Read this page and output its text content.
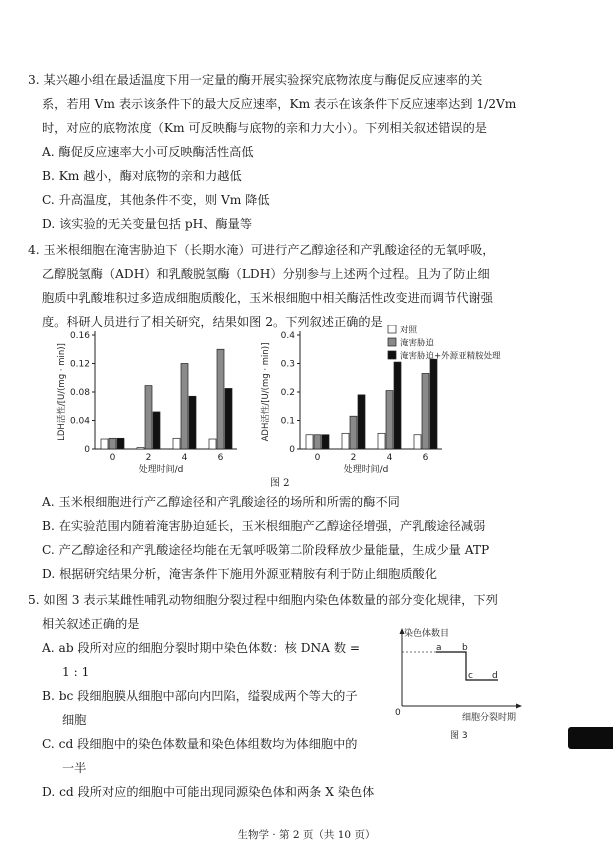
3. 某兴趣小组在最适温度下用一定量的酶开展实验探究底物浓度与酶促反应速率的关
系，若用 Vm 表示该条件下的最大反应速率，Km 表示在该条件下反应速率达到 1/2Vm
时，对应的底物浓度（Km 可反映酶与底物的亲和力大小）。下列相关叙述错误的是
A. 酶促反应速率大小可反映酶活性高低
B. Km 越小，酶对底物的亲和力越低
C. 升高温度，其他条件不变，则 Vm 降低
D. 该实验的无关变量包括 pH、酶量等
4. 玉米根细胞在淹害胁迫下（长期水淹）可进行产乙醇途径和产乳酸途径的无氧呼吸，
乙醇脱氢酶（ADH）和乳酸脱氢酶（LDH）分别参与上述两个过程。且为了防止细
胞质中乳酸堆积过多造成细胞质酸化，玉米根细胞中相关酶活性改变进而调节代谢强
度。科研人员进行了相关研究，结果如图 2。下列叙述正确的是
0
0.04
0.08
0.12
0.16
LDH活性/[U/(mg · min)]
0	2	4	6
处理时间/d
0
0.1
0.2
0.3
0.4
ADH活性/[U/(mg · min)]
0	2	4	6
处理时间/d
对照
淹害胁迫
淹害胁迫+外源亚精胺处理
图 2
A. 玉米根细胞进行产乙醇途径和产乳酸途径的场所和所需的酶不同
B. 在实验范围内随着淹害胁迫延长，玉米根细胞产乙醇途径增强，产乳酸途径减弱
C. 产乙醇途径和产乳酸途径均能在无氧呼吸第二阶段释放少量能量，生成少量 ATP
D. 根据研究结果分析，淹害条件下施用外源亚精胺有利于防止细胞质酸化
5. 如图 3 表示某雌性哺乳动物细胞分裂过程中细胞内染色体数量的部分变化规律，下列
相关叙述正确的是
A. ab 段所对应的细胞分裂时期中染色体数：核 DNA 数 =
1 : 1
B. bc 段细胞膜从细胞中部向内凹陷，缢裂成两个等大的子
细胞
C. cd 段细胞中的染色体数量和染色体组数均为体细胞中的
一半
D. cd 段所对应的细胞中可能出现同源染色体和两条 X 染色体
染色体数目
0	细胞分裂时期
a b
c d
图 3
生物学 · 第 2 页（共 10 页）
